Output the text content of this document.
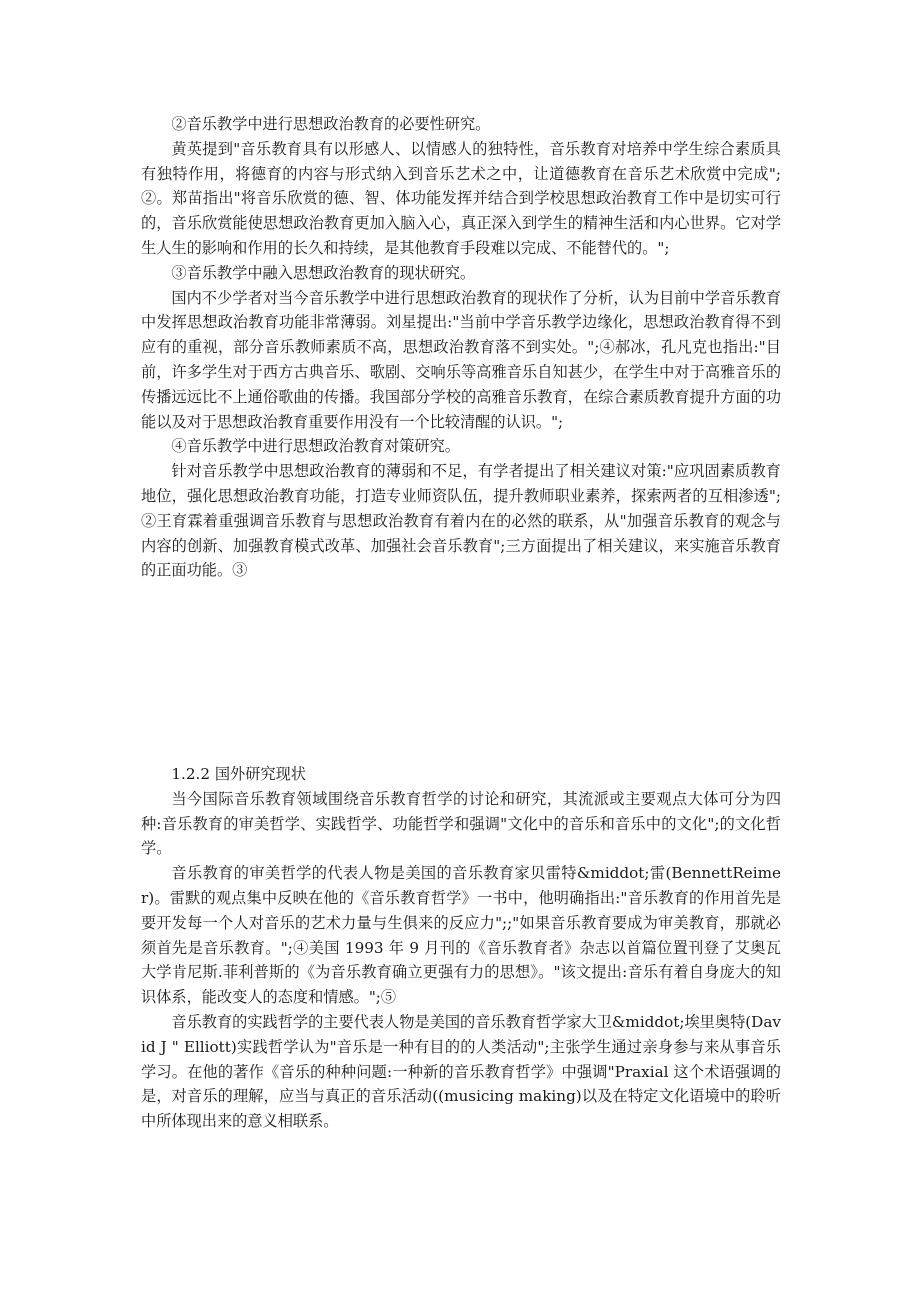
②音乐教学中进行思想政治教育的必要性研究。

黄英提到"音乐教育具有以形感人、以情感人的独特性，音乐教育对培养中学生综合素质具有独特作用，将德育的内容与形式纳入到音乐艺术之中，让道德教育在音乐艺术欣赏中完成";②。郑苗指出"将音乐欣赏的德、智、体功能发挥并结合到学校思想政治教育工作中是切实可行的，音乐欣赏能使思想政治教育更加入脑入心，真正深入到学生的精神生活和内心世界。它对学生人生的影响和作用的长久和持续，是其他教育手段难以完成、不能替代的。";

③音乐教学中融入思想政治教育的现状研究。

国内不少学者对当今音乐教学中进行思想政治教育的现状作了分析，认为目前中学音乐教育中发挥思想政治教育功能非常薄弱。刘星提出:"当前中学音乐教学边缘化，思想政治教育得不到应有的重视，部分音乐教师素质不高，思想政治教育落不到实处。";④郝冰，孔凡克也指出:"目前，许多学生对于西方古典音乐、歌剧、交响乐等高雅音乐自知甚少，在学生中对于高雅音乐的传播远远比不上通俗歌曲的传播。我国部分学校的高雅音乐教育，在综合素质教育提升方面的功能以及对于思想政治教育重要作用没有一个比较清醒的认识。";

④音乐教学中进行思想政治教育对策研究。

针对音乐教学中思想政治教育的薄弱和不足，有学者提出了相关建议对策:"应巩固素质教育地位，强化思想政治教育功能，打造专业师资队伍，提升教师职业素养，探索两者的互相渗透";②王育霖着重强调音乐教育与思想政治教育有着内在的必然的联系，从"加强音乐教育的观念与内容的创新、加强教育模式改革、加强社会音乐教育";三方面提出了相关建议，来实施音乐教育的正面功能。③

1.2.2 国外研究现状

当今国际音乐教育领域围绕音乐教育哲学的讨论和研究，其流派或主要观点大体可分为四种:音乐教育的审美哲学、实践哲学、功能哲学和强调"文化中的音乐和音乐中的文化";的文化哲学。

音乐教育的审美哲学的代表人物是美国的音乐教育家贝雷特&middot;雷(BennettReimer)。雷默的观点集中反映在他的《音乐教育哲学》一书中，他明确指出:"音乐教育的作用首先是要开发每一个人对音乐的艺术力量与生俱来的反应力";;"如果音乐教育要成为审美教育，那就必须首先是音乐教育。";④美国 1993 年 9 月刊的《音乐教育者》杂志以首篇位置刊登了艾奥瓦大学肯尼斯.菲利普斯的《为音乐教育确立更强有力的思想》。"该文提出:音乐有着自身庞大的知识体系，能改变人的态度和情感。";⑤

音乐教育的实践哲学的主要代表人物是美国的音乐教育哲学家大卫&middot;埃里奥特(David J " Elliott)实践哲学认为"音乐是一种有目的的人类活动";主张学生通过亲身参与来从事音乐学习。在他的著作《音乐的种种问题:一种新的音乐教育哲学》中强调"Praxial 这个术语强调的是，对音乐的理解，应当与真正的音乐活动((musicing making)以及在特定文化语境中的聆听中所体现出来的意义相联系。
